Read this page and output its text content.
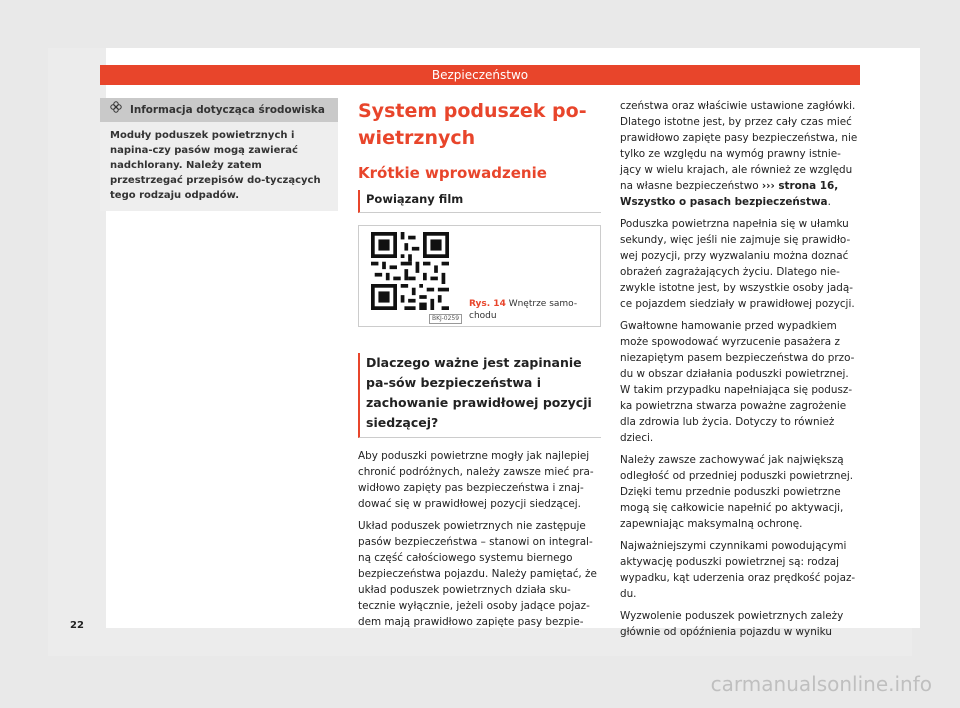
Bezpieczeństwo
Informacja dotycząca środowiska
Moduły poduszek powietrznych i napina-czy pasów mogą zawierać nadchlorany. Należy zatem przestrzegać przepisów do-tyczących tego rodzaju odpadów.
System poduszek po-wietrznych
Krótkie wprowadzenie
Powiązany film
BKJ-0259
Rys. 14 Wnętrze samo-chodu
Dlaczego ważne jest zapinanie pa-sów bezpieczeństwa i zachowanie prawidłowej pozycji siedzącej?

Aby poduszki powietrzne mogły jak najlepiej chronić podróżnych, należy zawsze mieć pra-widłowo zapięty pas bezpieczeństwa i znaj-dować się w prawidłowej pozycji siedzącej.

Układ poduszek powietrznych nie zastępuje pasów bezpieczeństwa – stanowi on integral-ną część całościowego systemu biernego bezpieczeństwa pojazdu. Należy pamiętać, że układ poduszek powietrznych działa sku-tecznie wyłącznie, jeżeli osoby jadące pojaz-dem mają prawidłowo zapięte pasy bezpie-

czeństwa oraz właściwie ustawione zagłówki. Dlatego istotne jest, by przez cały czas mieć prawidłowo zapięte pasy bezpieczeństwa, nie tylko ze względu na wymóg prawny istnie-jący w wielu krajach, ale również ze względu na własne bezpieczeństwo ››› strona 16, Wszystko o pasach bezpieczeństwa.

Poduszka powietrzna napełnia się w ułamku sekundy, więc jeśli nie zajmuje się prawidło-wej pozycji, przy wyzwalaniu można doznać obrażeń zagrażających życiu. Dlatego nie-zwykle istotne jest, by wszystkie osoby jadą-ce pojazdem siedziały w prawidłowej pozycji.

Gwałtowne hamowanie przed wypadkiem może spowodować wyrzucenie pasażera z niezapiętym pasem bezpieczeństwa do przo-du w obszar działania poduszki powietrznej. W takim przypadku napełniająca się podusz-ka powietrzna stwarza poważne zagrożenie dla zdrowia lub życia. Dotyczy to również dzieci.

Należy zawsze zachowywać jak największą odległość od przedniej poduszki powietrznej. Dzięki temu przednie poduszki powietrzne mogą się całkowicie napełnić po aktywacji, zapewniając maksymalną ochronę.

Najważniejszymi czynnikami powodującymi aktywację poduszki powietrznej są: rodzaj wypadku, kąt uderzenia oraz prędkość pojaz-du.

Wyzwolenie poduszek powietrznych zależy głównie od opóźnienia pojazdu w wyniku

22
carmanualsonline.info
